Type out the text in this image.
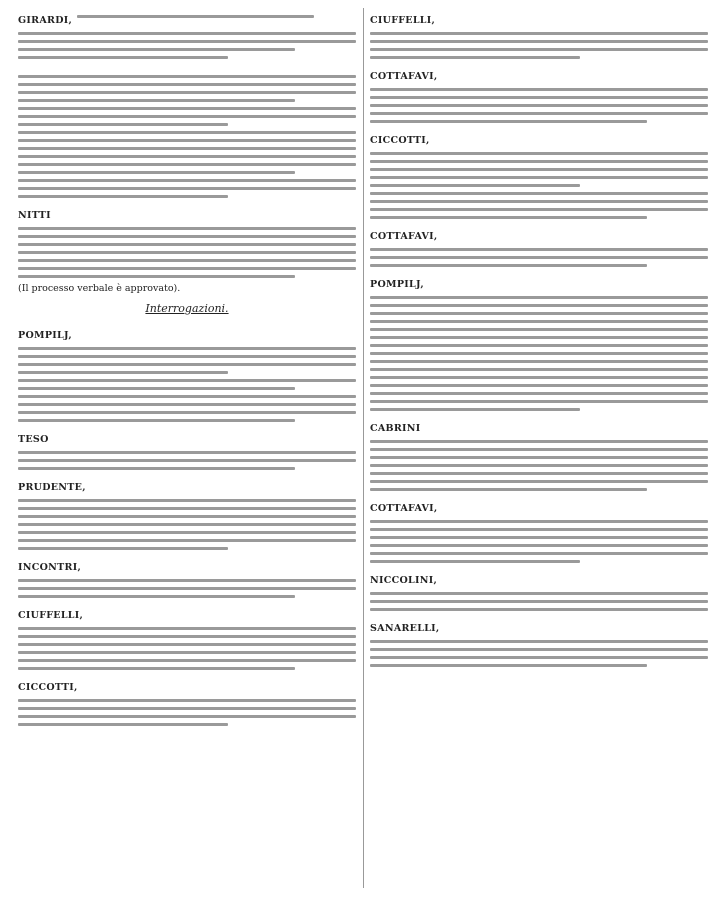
GIRARDI,

NITTI

(Il processo verbale è approvato).

Interrogazioni.

POMPILJ,

TESO

PRUDENTE,

INCONTRI,

CIUFFELLI,

CICCOTTI,

CIUFFELLI,

COTTAFAVI,

CICCOTTI,

COTTAFAVI,

POMPILJ,

CABRINI

COTTAFAVI,

NICCOLINI,

SANARELLI,
